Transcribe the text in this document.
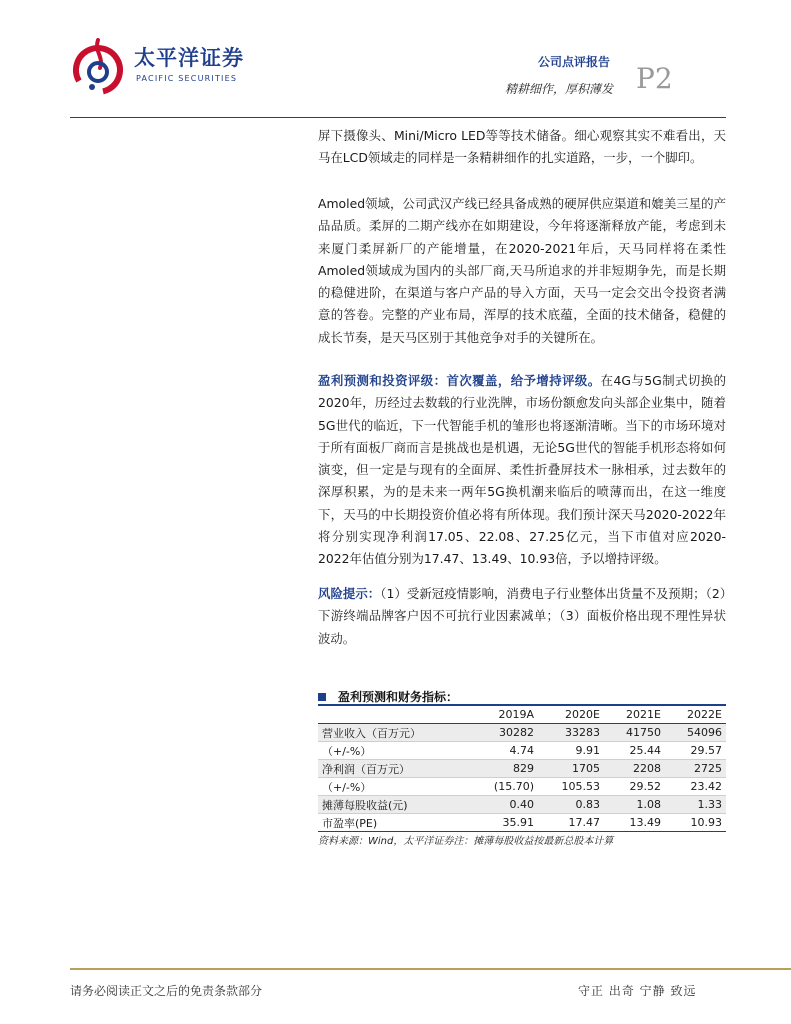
太平洋证券
PACIFIC SECURITIES
公司点评报告
精耕细作，厚积薄发 P2

屏下摄像头、Mini/Micro LED等等技术储备。细心观察其实不难看出，天马在LCD领域走的同样是一条精耕细作的扎实道路，一步，一个脚印。

Amoled领域，公司武汉产线已经具备成熟的硬屏供应渠道和媲美三星的产品品质。柔屏的二期产线亦在如期建设，今年将逐渐释放产能，考虑到未来厦门柔屏新厂的产能增量，在2020-2021年后，天马同样将在柔性Amoled领域成为国内的头部厂商,天马所追求的并非短期争先，而是长期的稳健进阶，在渠道与客户产品的导入方面，天马一定会交出令投资者满意的答卷。完整的产业布局，浑厚的技术底蕴，全面的技术储备，稳健的成长节奏，是天马区别于其他竞争对手的关键所在。

盈利预测和投资评级：首次覆盖，给予增持评级。在4G与5G制式切换的2020年，历经过去数载的行业洗牌，市场份额愈发向头部企业集中，随着5G世代的临近，下一代智能手机的雏形也将逐渐清晰。当下的市场环境对于所有面板厂商而言是挑战也是机遇，无论5G世代的智能手机形态将如何演变，但一定是与现有的全面屏、柔性折叠屏技术一脉相承，过去数年的深厚积累，为的是未来一两年5G换机潮来临后的喷薄而出，在这一维度下，天马的中长期投资价值必将有所体现。我们预计深天马2020-2022年将分别实现净利润17.05、22.08、27.25亿元，当下市值对应2020-2022年估值分别为17.47、13.49、10.93倍，予以增持评级。

风险提示：（1）受新冠疫情影响，消费电子行业整体出货量不及预期；（2）下游终端品牌客户因不可抗行业因素减单；（3）面板价格出现不理性异状波动。

盈利预测和财务指标：
	2019A	2020E	2021E	2022E
营业收入（百万元）	30282	33283	41750	54096
（+/-%）	4.74	9.91	25.44	29.57
净利润（百万元）	829	1705	2208	2725
（+/-%）	(15.70)	105.53	29.52	23.42
摊薄每股收益(元)	0.40	0.83	1.08	1.33
市盈率(PE)	35.91	17.47	13.49	10.93
资料来源：Wind，太平洋证券注：摊薄每股收益按最新总股本计算
请务必阅读正文之后的免责条款部分	守正 出奇 宁静 致远
